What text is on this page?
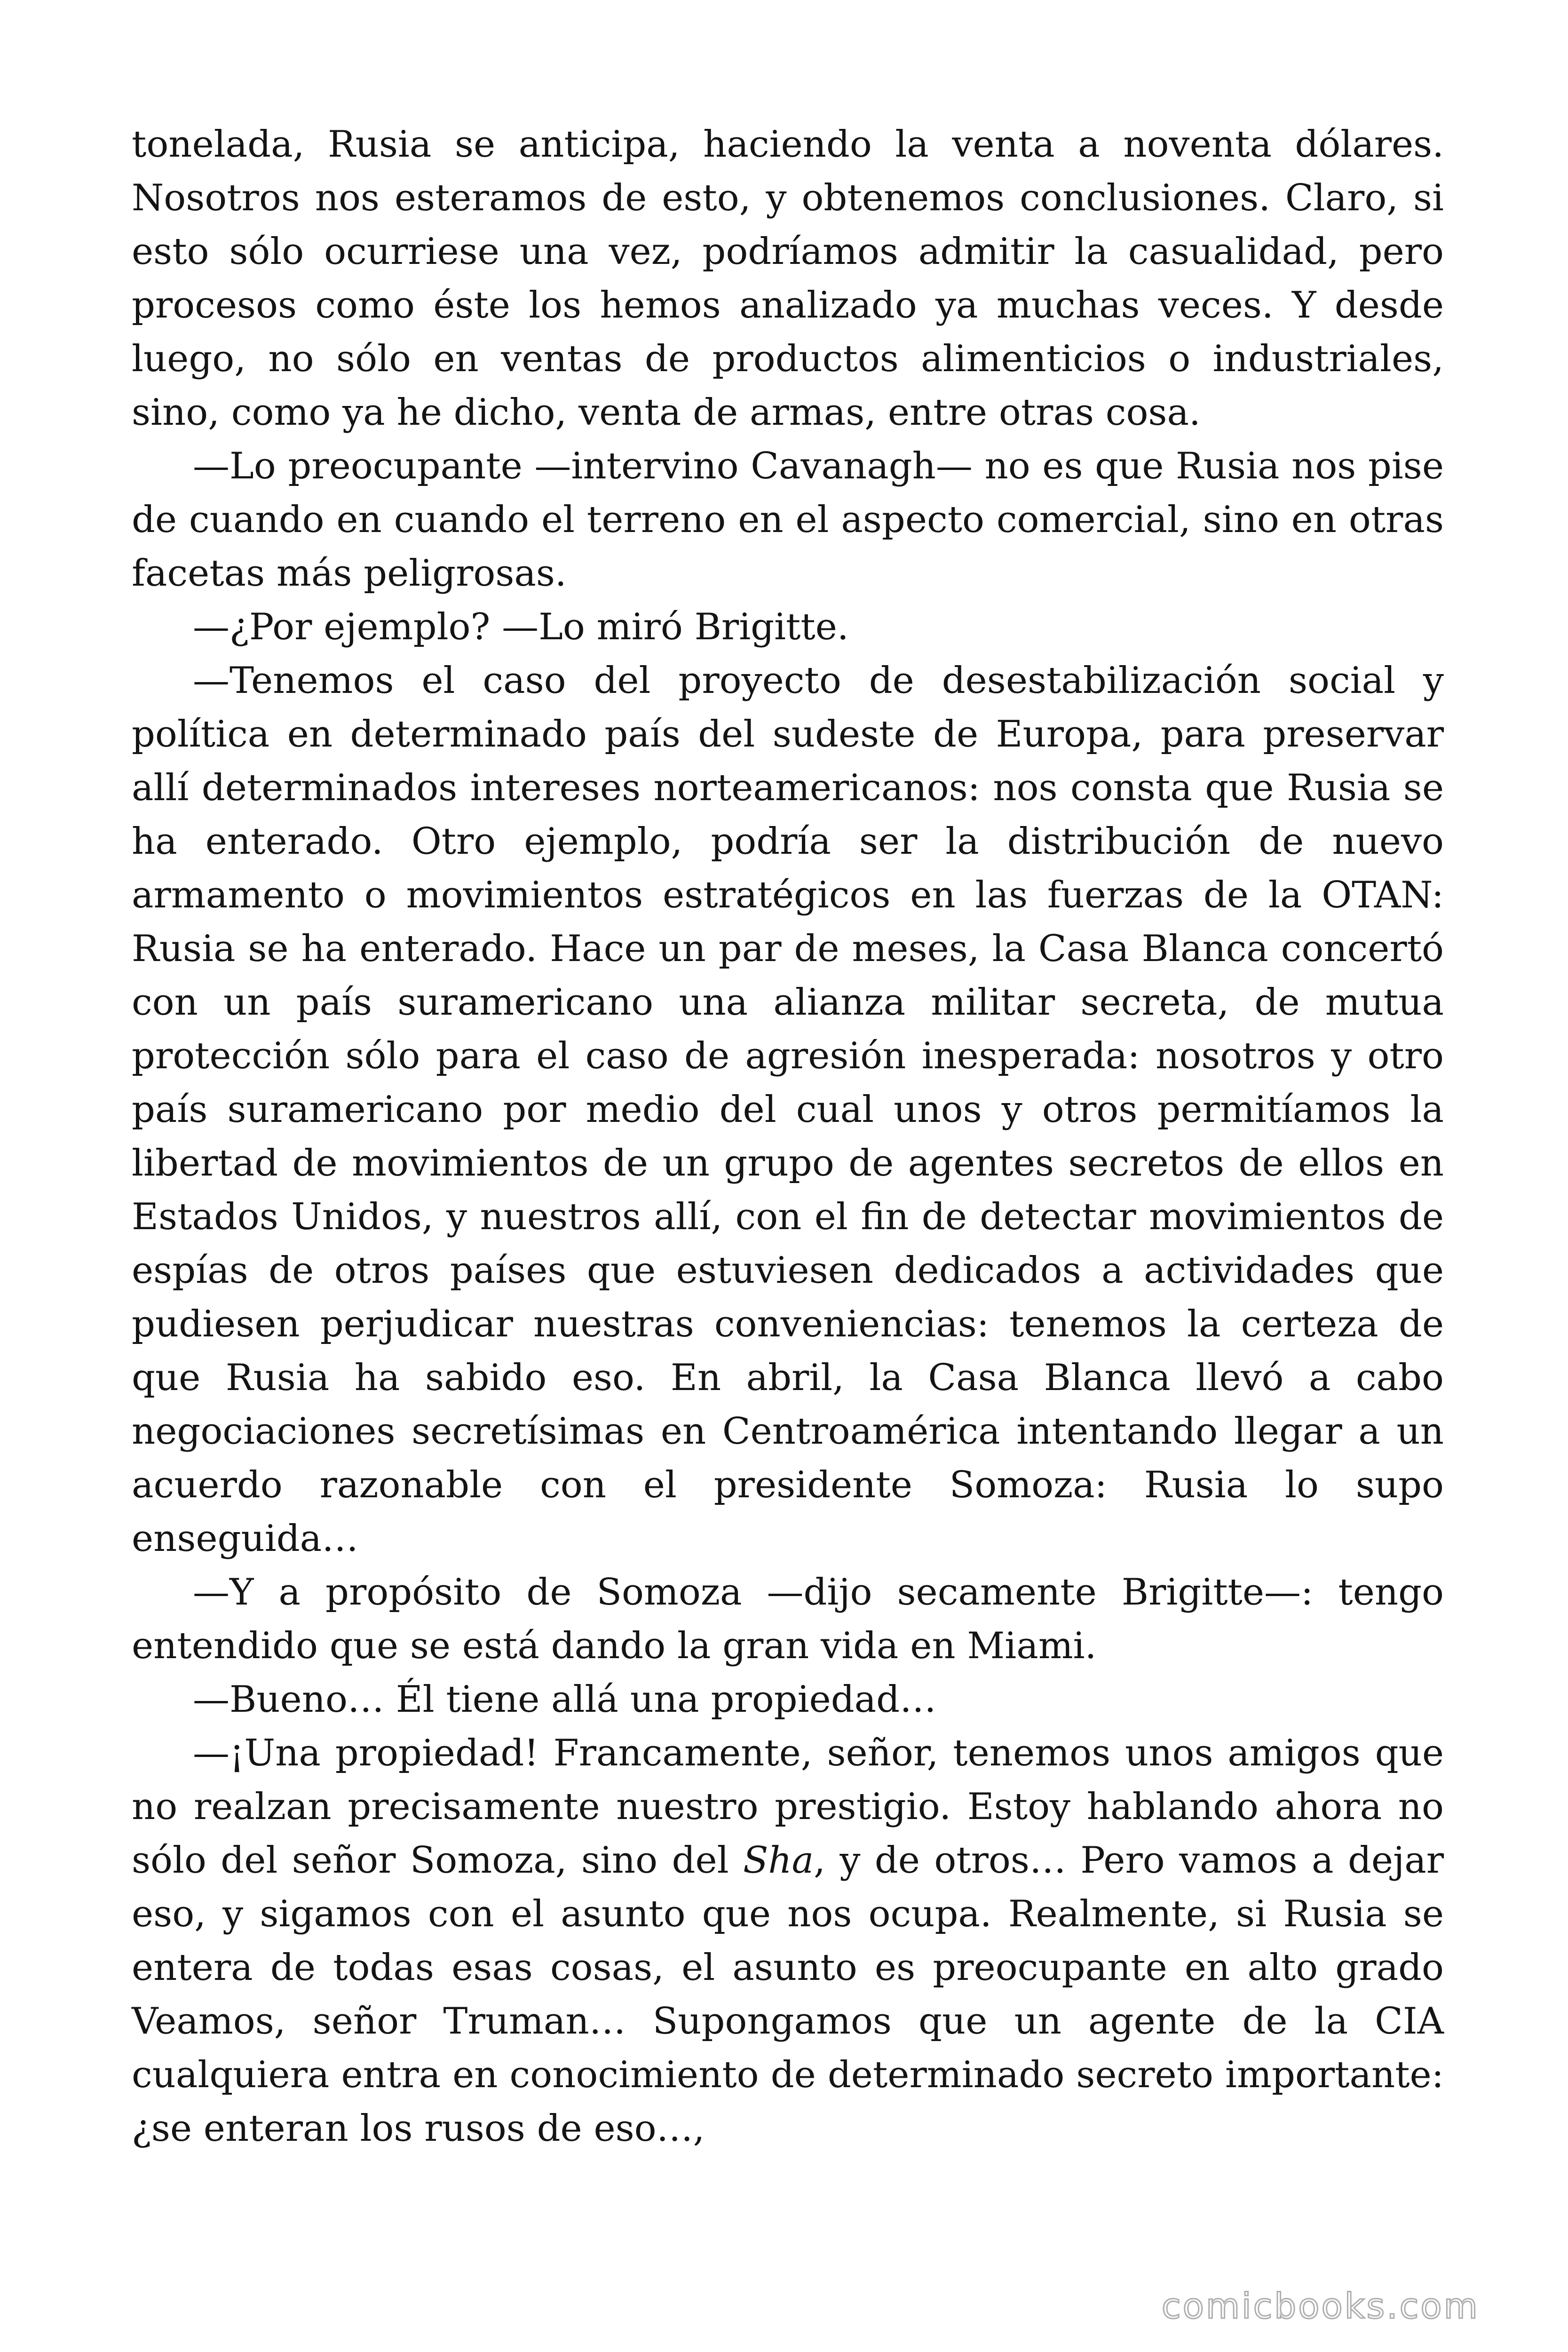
tonelada, Rusia se anticipa, haciendo la venta a noventa dólares. Nosotros nos esteramos de esto, y obtenemos conclusiones. Claro, si esto sólo ocurriese una vez, podríamos admitir la casualidad, pero procesos como éste los hemos analizado ya muchas veces. Y desde luego, no sólo en ventas de productos alimenticios o industriales, sino, como ya he dicho, venta de armas, entre otras cosa.

—Lo preocupante —intervino Cavanagh— no es que Rusia nos pise de cuando en cuando el terreno en el aspecto comercial, sino en otras facetas más peligrosas.

—¿Por ejemplo? —Lo miró Brigitte.

—Tenemos el caso del proyecto de desestabilización social y política en determinado país del sudeste de Europa, para preservar allí determinados intereses norteamericanos: nos consta que Rusia se ha enterado. Otro ejemplo, podría ser la distribución de nuevo armamento o movimientos estratégicos en las fuerzas de la OTAN: Rusia se ha enterado. Hace un par de meses, la Casa Blanca concertó con un país suramericano una alianza militar secreta, de mutua protección sólo para el caso de agresión inesperada: nosotros y otro país suramericano por medio del cual unos y otros permitíamos la libertad de movimientos de un grupo de agentes secretos de ellos en Estados Unidos, y nuestros allí, con el fin de detectar movimientos de espías de otros países que estuviesen dedicados a actividades que pudiesen perjudicar nuestras conveniencias: tenemos la certeza de que Rusia ha sabido eso. En abril, la Casa Blanca llevó a cabo negociaciones secretísimas en Centroamérica intentando llegar a un acuerdo razonable con el presidente Somoza: Rusia lo supo enseguida…

—Y a propósito de Somoza —dijo secamente Brigitte—: tengo entendido que se está dando la gran vida en Miami.

—Bueno… Él tiene allá una propiedad…

—¡Una propiedad! Francamente, señor, tenemos unos amigos que no realzan precisamente nuestro prestigio. Estoy hablando ahora no sólo del señor Somoza, sino del Sha, y de otros… Pero vamos a dejar eso, y sigamos con el asunto que nos ocupa. Realmente, si Rusia se entera de todas esas cosas, el asunto es preocupante en alto grado Veamos, señor Truman… Supongamos que un agente de la CIA cualquiera entra en conocimiento de determinado secreto importante: ¿se enteran los rusos de eso…,

comicbooks.com
